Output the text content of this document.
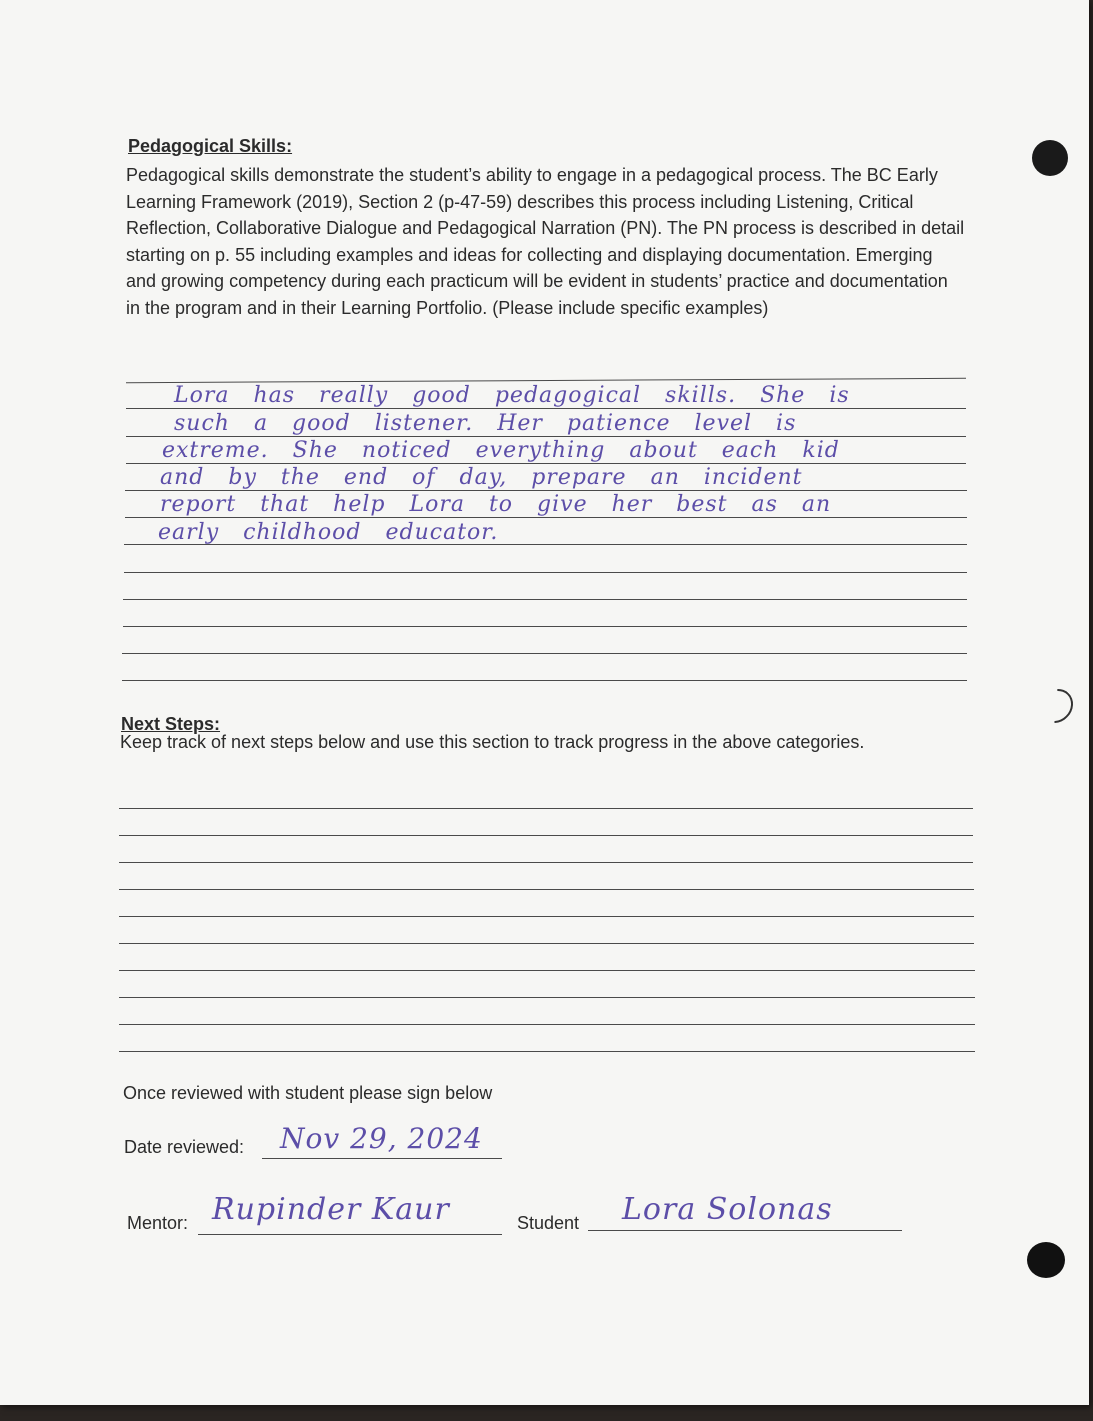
Pedagogical Skills:
Pedagogical skills demonstrate the student’s ability to engage in a pedagogical process. The BC Early Learning Framework (2019), Section 2 (p-47-59) describes this process including Listening, Critical Reflection, Collaborative Dialogue and Pedagogical Narration (PN). The PN process is described in detail starting on p. 55 including examples and ideas for collecting and displaying documentation. Emerging and growing competency during each practicum will be evident in students’ practice and documentation in the program and in their Learning Portfolio. (Please include specific examples)
Lora has really good pedagogical skills. She is
such a good listener. Her patience level is
extreme. She noticed everything about each kid
and by the end of day, prepare an incident
report that help Lora to give her best as an
early childhood educator.
Next Steps:
Keep track of next steps below and use this section to track progress in the above categories.
Once reviewed with student please sign below
Date reviewed: Nov 29, 2024
Mentor: Rupinder Kaur	Student Lora Solonas
